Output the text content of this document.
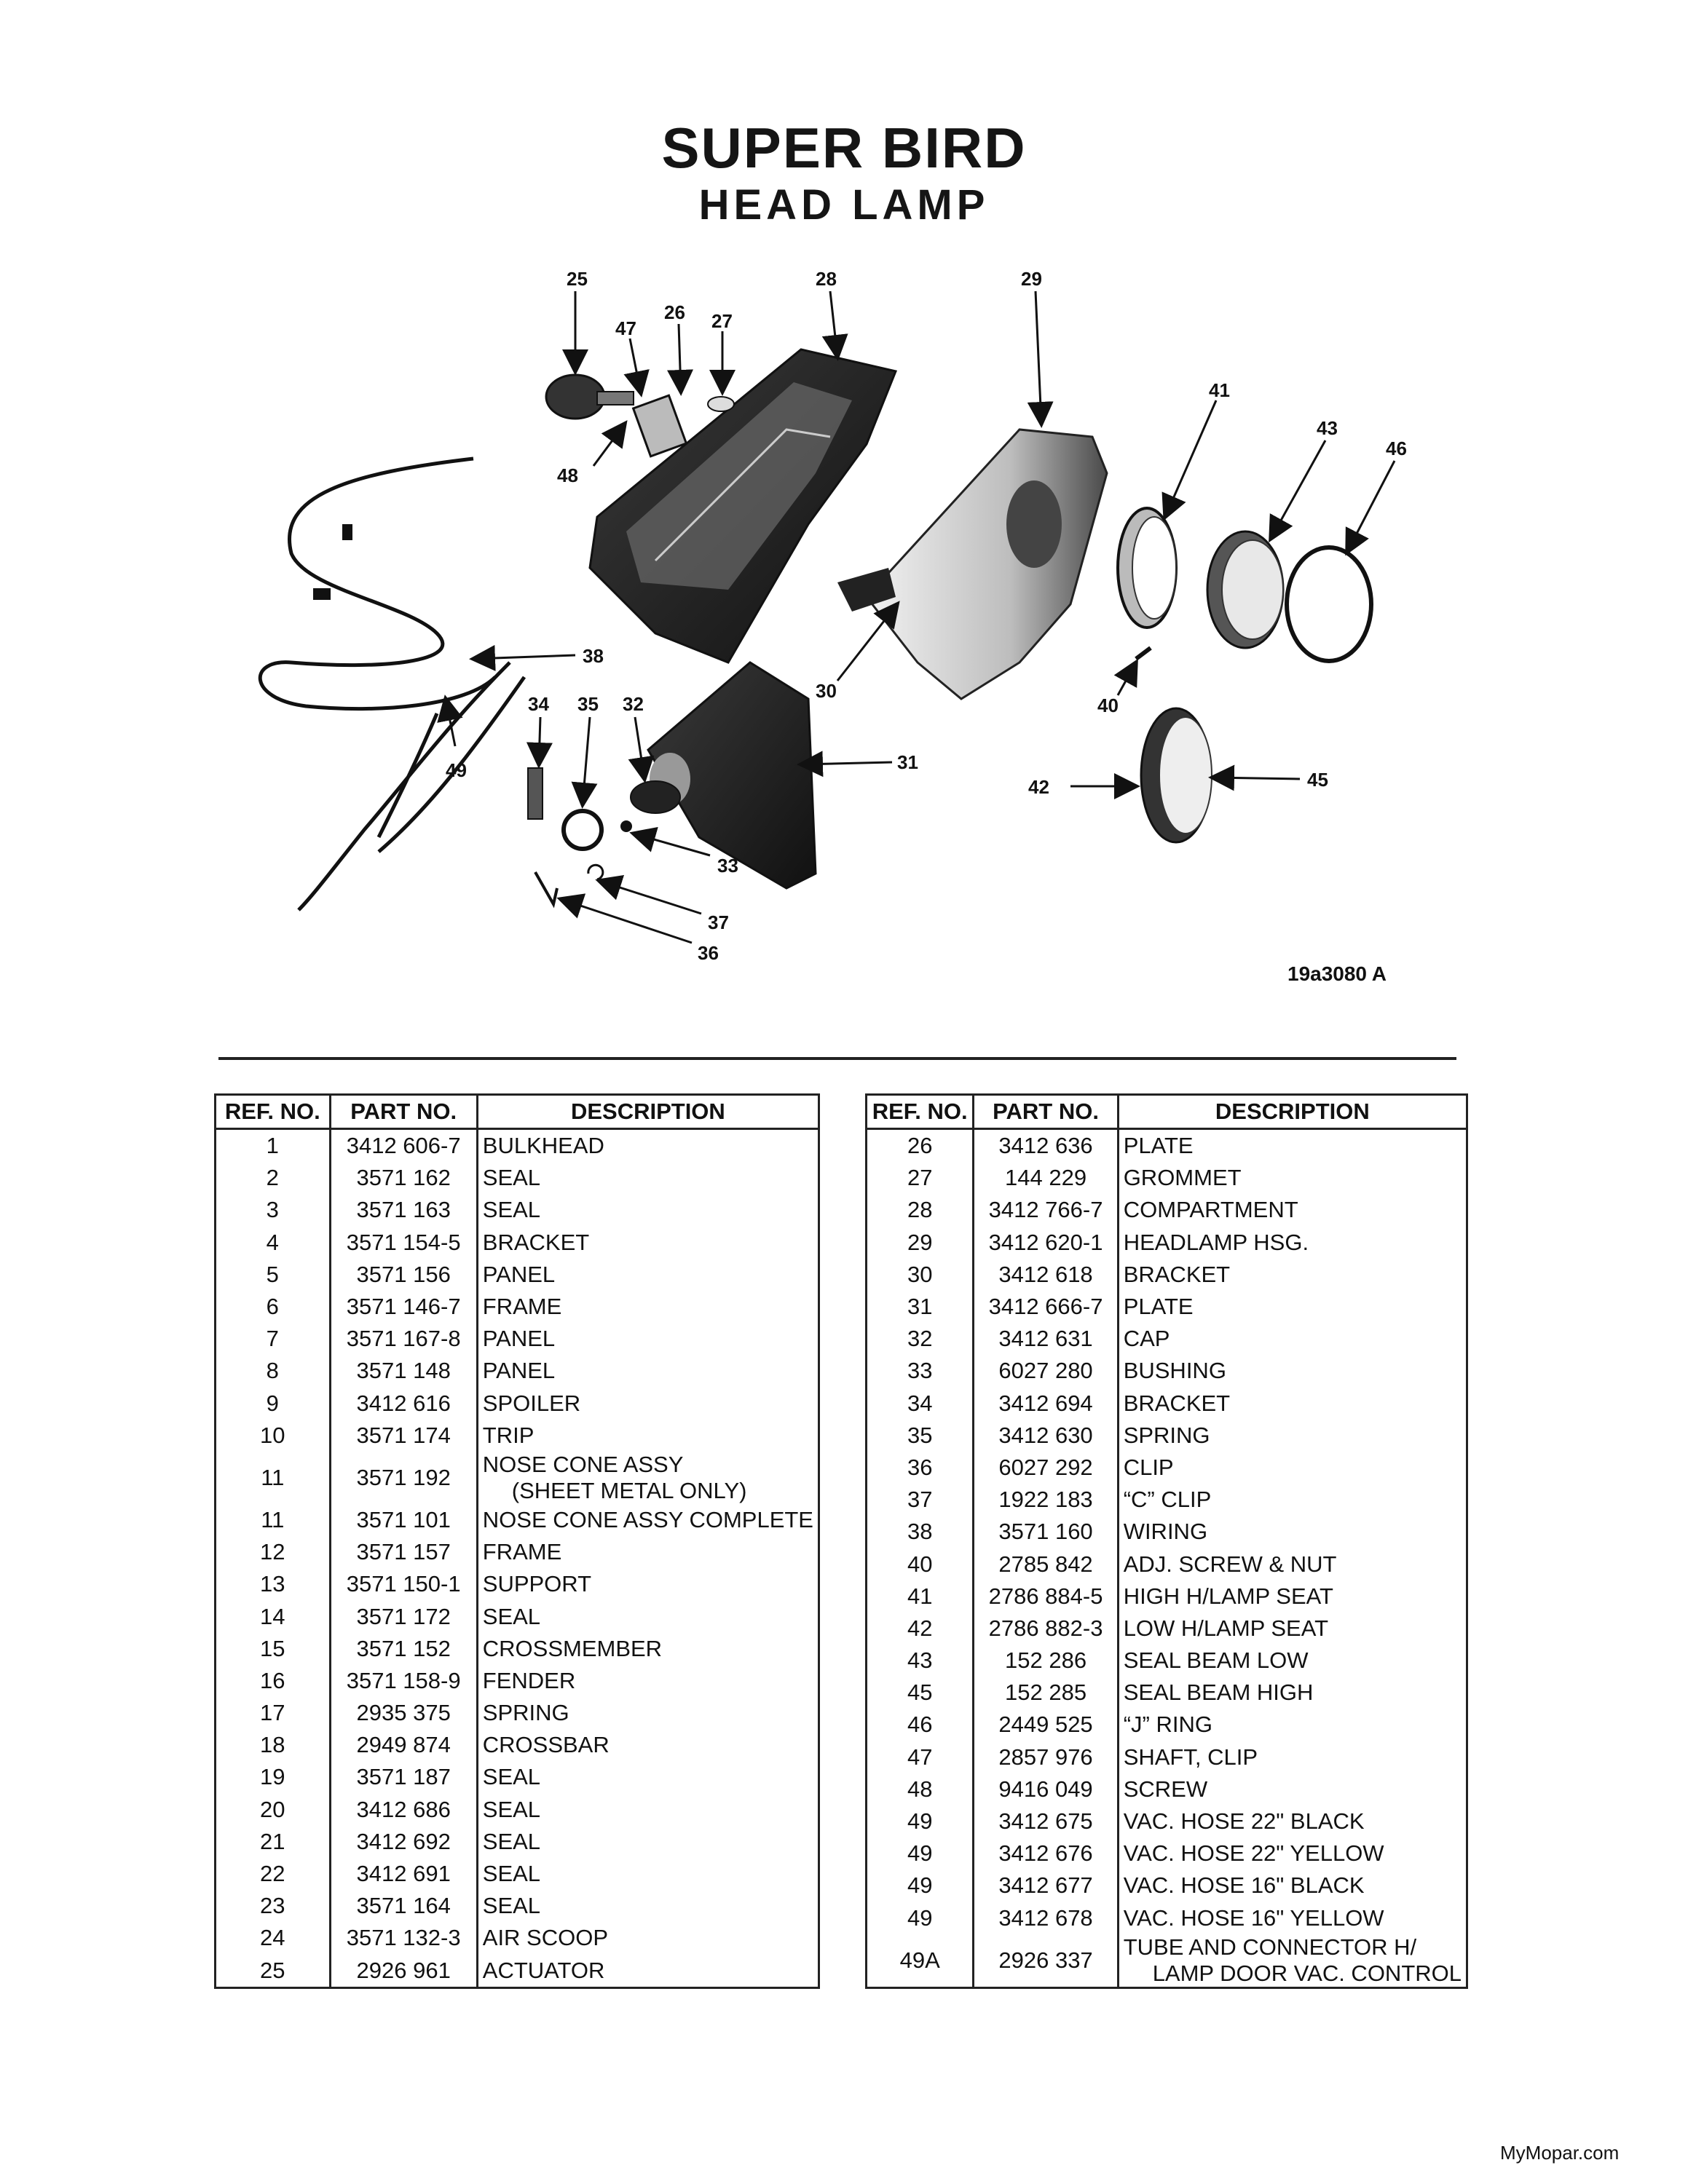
SUPER BIRD
HEAD LAMP
25
47
26 27
28	29
41
43
46
48
38
34 35 32
30
31
49
40
42	45
33
37
36
19a3080 A
REF. NO.	PART NO.	DESCRIPTION
1	3412 606-7	BULKHEAD
2	3571 162	SEAL
3	3571 163	SEAL
4	3571 154-5	BRACKET
5	3571 156	PANEL
6	3571 146-7	FRAME
7	3571 167-8	PANEL
8	3571 148	PANEL
9	3412 616	SPOILER
10	3571 174	TRIP
11	3571 192	NOSE CONE ASSY
(SHEET METAL ONLY)

11	3571 101	NOSE CONE ASSY COMPLETE
12	3571 157	FRAME
13	3571 150-1	SUPPORT
14	3571 172	SEAL
15	3571 152	CROSSMEMBER
16	3571 158-9	FENDER
17	2935 375	SPRING
18	2949 874	CROSSBAR
19	3571 187	SEAL
20	3412 686	SEAL
21	3412 692	SEAL
22	3412 691	SEAL
23	3571 164	SEAL
24	3571 132-3	AIR SCOOP
25	2926 961	ACTUATOR
REF. NO.	PART NO.	DESCRIPTION
26	3412 636	PLATE
27	144 229	GROMMET
28	3412 766-7	COMPARTMENT
29	3412 620-1	HEADLAMP HSG.
30	3412 618	BRACKET
31	3412 666-7	PLATE
32	3412 631	CAP
33	6027 280	BUSHING
34	3412 694	BRACKET
35	3412 630	SPRING
36	6027 292	CLIP
37	1922 183	“C” CLIP
38	3571 160	WIRING
40	2785 842	ADJ. SCREW & NUT
41	2786 884-5	HIGH H/LAMP SEAT
42	2786 882-3	LOW H/LAMP SEAT
43	152 286	SEAL BEAM LOW
45	152 285	SEAL BEAM HIGH
46	2449 525	“J” RING
47	2857 976	SHAFT, CLIP
48	9416 049	SCREW
49	3412 675	VAC. HOSE 22" BLACK
49	3412 676	VAC. HOSE 22" YELLOW
49	3412 677	VAC. HOSE 16" BLACK
49	3412 678	VAC. HOSE 16" YELLOW
49A	2926 337	TUBE AND CONNECTOR H/
LAMP DOOR VAC. CONTROL
MyMopar.com
